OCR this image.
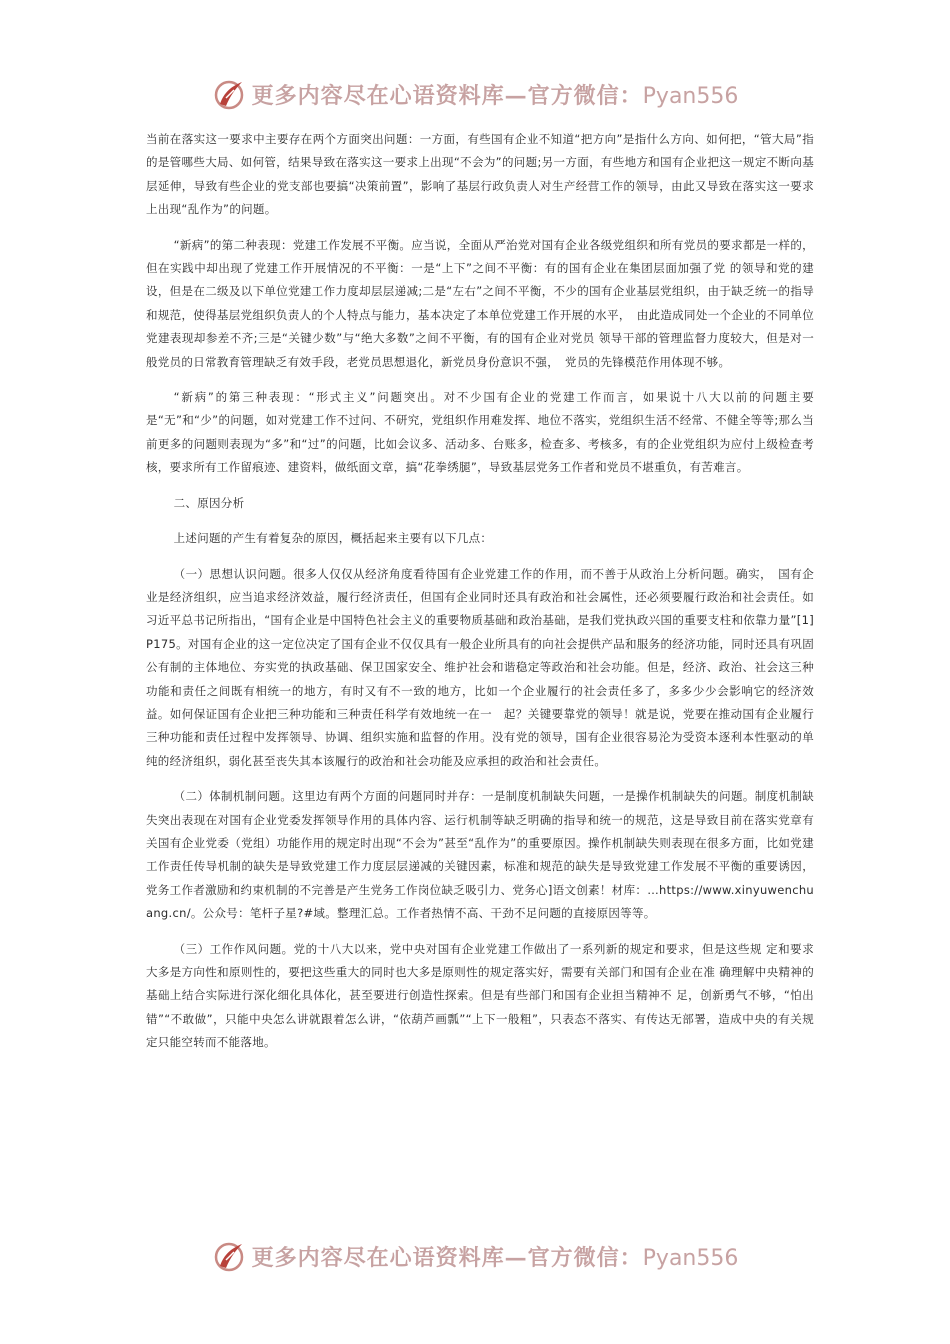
更多内容尽在心语资料库—官方微信：Pyan556

当前在落实这一要求中主要存在两个方面突出问题：一方面，有些国有企业不知道“把方向”是指什么方向、如何把，“管大局”指的是管哪些大局、如何管，结果导致在落实这一要求上出现“不会为”的问题;另一方面，有些地方和国有企业把这一规定不断向基层延伸，导致有些企业的党支部也要搞“决策前置”，影响了基层行政负责人对生产经营工作的领导，由此又导致在落实这一要求上出现“乱作为”的问题。

“新病”的第二种表现：党建工作发展不平衡。应当说，全面从严治党对国有企业各级党组织和所有党员的要求都是一样的，但在实践中却出现了党建工作开展情况的不平衡：一是“上下”之间不平衡：有的国有企业在集团层面加强了党 的领导和党的建设，但是在二级及以下单位党建工作力度却层层递减;二是“左右”之间不平衡，不少的国有企业基层党组织，由于缺乏统一的指导和规范，使得基层党组织负责人的个人特点与能力，基本决定了本单位党建工作开展的水平，　由此造成同处一个企业的不同单位党建表现却参差不齐;三是“关键少数”与“绝大多数”之间不平衡，有的国有企业对党员 领导干部的管理监督力度较大，但是对一般党员的日常教育管理缺乏有效手段，老党员思想退化，新党员身份意识不强，　党员的先锋模范作用体现不够。

“新病”的第三种表现：“形式主义”问题突出。对不少国有企业的党建工作而言，如果说十八大以前的问题主要是“无”和“少”的问题，如对党建工作不过问、不研究，党组织作用难发挥、地位不落实，党组织生活不经常、不健全等等;那么当前更多的问题则表现为“多”和“过”的问题，比如会议多、活动多、台账多，检查多、考核多，有的企业党组织为应付上级检查考核，要求所有工作留痕迹、建资料，做纸面文章，搞“花拳绣腿”，导致基层党务工作者和党员不堪重负，有苦难言。

二、原因分析

上述问题的产生有着复杂的原因，概括起来主要有以下几点：

（一）思想认识问题。很多人仅仅从经济角度看待国有企业党建工作的作用，而不善于从政治上分析问题。确实，　国有企业是经济组织，应当追求经济效益，履行经济责任，但国有企业同时还具有政治和社会属性，还必须要履行政治和社会责任。如习近平总书记所指出，“国有企业是中国特色社会主义的重要物质基础和政治基础，是我们党执政兴国的重要支柱和依靠力量”[1]P175。对国有企业的这一定位决定了国有企业不仅仅具有一般企业所具有的向社会提供产品和服务的经济功能，同时还具有巩固公有制的主体地位、夯实党的执政基础、保卫国家安全、维护社会和谐稳定等政治和社会功能。但是，经济、政治、社会这三种功能和责任之间既有相统一的地方，有时又有不一致的地方，比如一个企业履行的社会责任多了，多多少少会影响它的经济效益。如何保证国有企业把三种功能和三种责任科学有效地统一在一　起？关键要靠党的领导！就是说，党要在推动国有企业履行三种功能和责任过程中发挥领导、协调、组织实施和监督的作用。没有党的领导，国有企业很容易沦为受资本逐利本性驱动的单纯的经济组织，弱化甚至丧失其本该履行的政治和社会功能及应承担的政治和社会责任。

（二）体制机制问题。这里边有两个方面的问题同时并存：一是制度机制缺失问题，一是操作机制缺失的问题。制度机制缺失突出表现在对国有企业党委发挥领导作用的具体内容、运行机制等缺乏明确的指导和统一的规范，这是导致目前在落实党章有关国有企业党委（党组）功能作用的规定时出现“不会为”甚至“乱作为”的重要原因。操作机制缺失则表现在很多方面，比如党建工作责任传导机制的缺失是导致党建工作力度层层递减的关键因素，标准和规范的缺失是导致党建工作发展不平衡的重要诱因，党务工作者激励和约束机制的不完善是产生党务工作岗位缺乏吸引力、党务心]语文创素！材库：…https://www.xinyuwenchuang.cn/。公众号：笔杆子星?#域。整理汇总。工作者热情不高、干劲不足问题的直接原因等等。

（三）工作作风问题。党的十八大以来，党中央对国有企业党建工作做出了一系列新的规定和要求，但是这些规 定和要求大多是方向性和原则性的，要把这些重大的同时也大多是原则性的规定落实好，需要有关部门和国有企业在准 确理解中央精神的基础上结合实际进行深化细化具体化，甚至要进行创造性探索。但是有些部门和国有企业担当精神不 足，创新勇气不够，“怕出错”“不敢做”，只能中央怎么讲就跟着怎么讲，“依葫芦画瓢”“上下一般粗”，只表态不落实、有传达无部署，造成中央的有关规定只能空转而不能落地。

更多内容尽在心语资料库—官方微信：Pyan556
